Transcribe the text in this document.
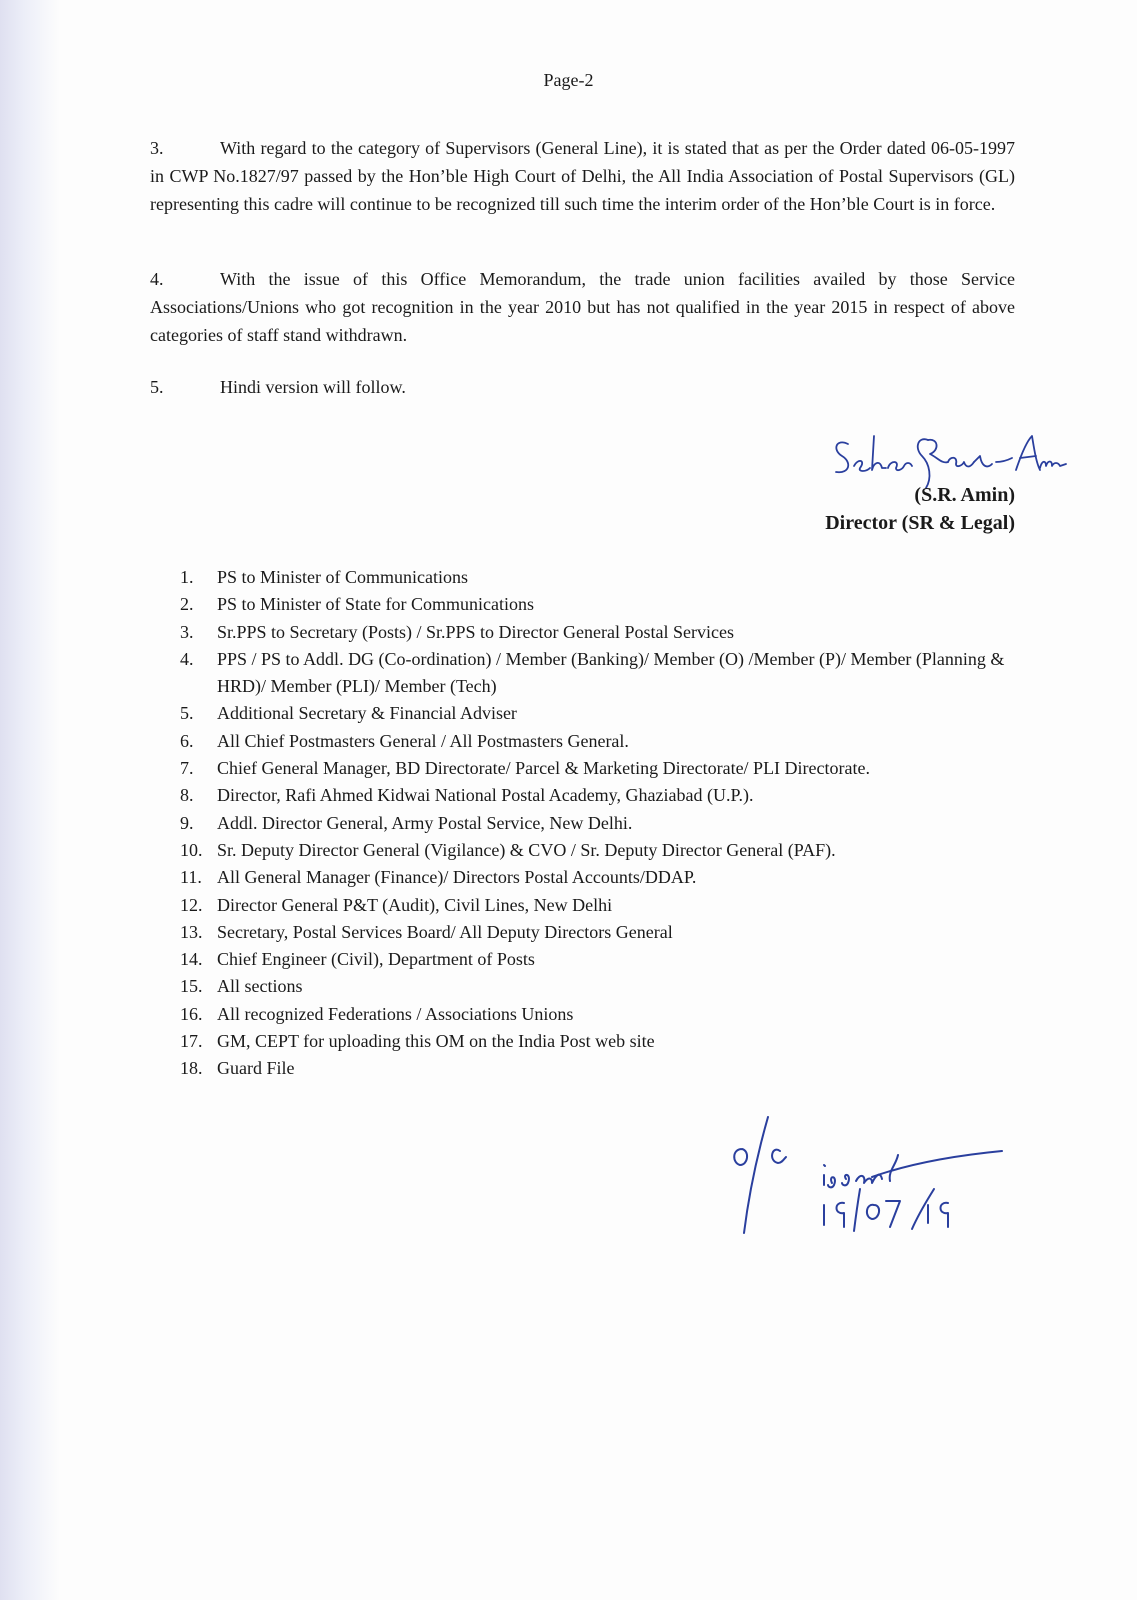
Page-2
3.	With regard to the category of Supervisors (General Line), it is stated that as per the Order dated 06-05-1997 in CWP No.1827/97 passed by the Hon’ble High Court of Delhi, the All India Association of Postal Supervisors (GL) representing this cadre will continue to be recognized till such time the interim order of the Hon’ble Court is in force.
4.	With the issue of this Office Memorandum, the trade union facilities availed by those Service Associations/Unions who got recognition in the year 2010 but has not qualified in the year 2015 in respect of above categories of staff stand withdrawn.
5.	Hindi version will follow.
(S.R. Amin)
Director (SR & Legal)
1.	PS to Minister of Communications
2.	PS to Minister of State for Communications
3.	Sr.PPS to Secretary (Posts) / Sr.PPS to Director General Postal Services
4.	PPS / PS to Addl. DG (Co-ordination) / Member (Banking)/ Member (O) /Member (P)/ Member (Planning & HRD)/ Member (PLI)/ Member (Tech)
5.	Additional Secretary & Financial Adviser
6.	All Chief Postmasters General / All Postmasters General.
7.	Chief General Manager, BD Directorate/ Parcel & Marketing Directorate/ PLI Directorate.
8.	Director, Rafi Ahmed Kidwai National Postal Academy, Ghaziabad (U.P.).
9.	Addl. Director General, Army Postal Service, New Delhi.
10. Sr. Deputy Director General (Vigilance) & CVO / Sr. Deputy Director General (PAF).
11. All General Manager (Finance)/ Directors Postal Accounts/DDAP.
12. Director General P&T (Audit), Civil Lines, New Delhi
13. Secretary, Postal Services Board/ All Deputy Directors General
14. Chief Engineer (Civil), Department of Posts
15. All sections
16. All recognized Federations / Associations Unions
17. GM, CEPT for uploading this OM on the India Post web site
18. Guard File
